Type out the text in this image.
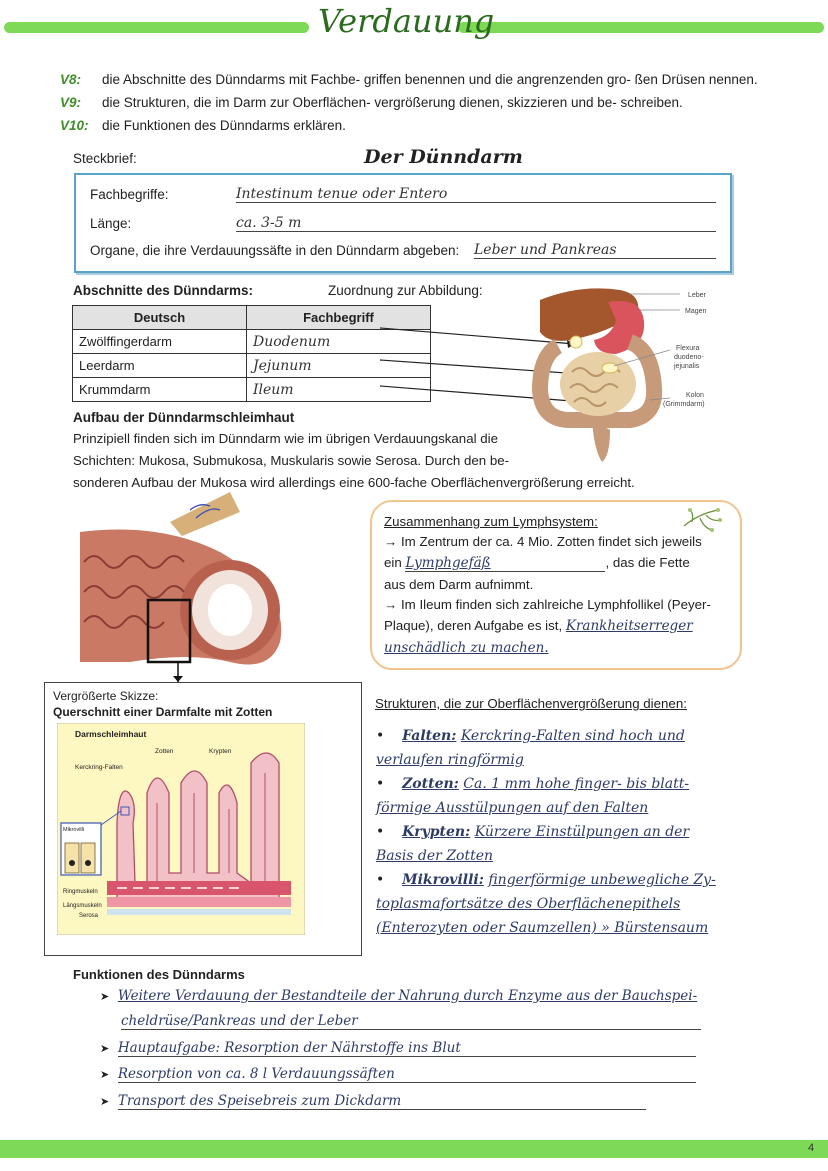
Verdauung
V8: die Abschnitte des Dünndarms mit Fachbe- griffen benennen und die angrenzenden gro- ßen Drüsen nennen.
V9: die Strukturen, die im Darm zur Oberflächen- vergrößerung dienen, skizzieren und be- schreiben.
V10: die Funktionen des Dünndarms erklären.
Steckbrief:	Der Dünndarm
Fachbegriffe:	Intestinum tenue oder Entero
Länge:	ca. 3-5 m
Organe, die ihre Verdauungssäfte in den Dünndarm abgeben: Leber und Pankreas
Abschnitte des Dünndarms:	Zuordnung zur Abbildung:
Deutsch	Fachbegriff
Zwölffingerdarm	Duodenum
Leerdarm	Jejunum
Krummdarm	Ileum
Leber
Magen
Flexura
duodeno-
jejunalis
Kolon
(Grimmdarm)
Aufbau der Dünndarmschleimhaut
Prinzipiell finden sich im Dünndarm wie im übrigen Verdauungskanal die
Schichten: Mukosa, Submukosa, Muskularis sowie Serosa. Durch den be-
sonderen Aufbau der Mukosa wird allerdings eine 600-fache Oberflächenvergrößerung erreicht.
Zusammenhang zum Lymphsystem:
→ Im Zentrum der ca. 4 Mio. Zotten findet sich jeweils
ein Lymphgefäß	, das die Fette
aus dem Darm aufnimmt.
→ Im Ileum finden sich zahlreiche Lymphfollikel (Peyer-
Plaque), deren Aufgabe es ist, Krankheitserreger
unschädlich zu machen.
Vergrößerte Skizze:
Querschnitt einer Darmfalte mit Zotten
Darmschleimhaut
Zotten	Krypten
Kerckring-Falten
Mikrovilli
Ringmuskeln
Längsmuskeln
Serosa
Strukturen, die zur Oberflächenvergrößerung dienen:
• Falten: Kerckring-Falten sind hoch und
verlaufen ringförmig
• Zotten: Ca. 1 mm hohe finger- bis blatt-
förmige Ausstülpungen auf den Falten
• Krypten: Kürzere Einstülpungen an der
Basis der Zotten
• Mikrovilli: fingerförmige unbewegliche Zy-
toplasmafortsätze des Oberflächenepithels
(Enterozyten oder Saumzellen) » Bürstensaum
Funktionen des Dünndarms
➤ Weitere Verdauung der Bestandteile der Nahrung durch Enzyme aus der Bauchspei-
cheldrüse/Pankreas und der Leber
➤ Hauptaufgabe: Resorption der Nährstoffe ins Blut
➤ Resorption von ca. 8 l Verdauungssäften
➤ Transport des Speisebreis zum Dickdarm
4
